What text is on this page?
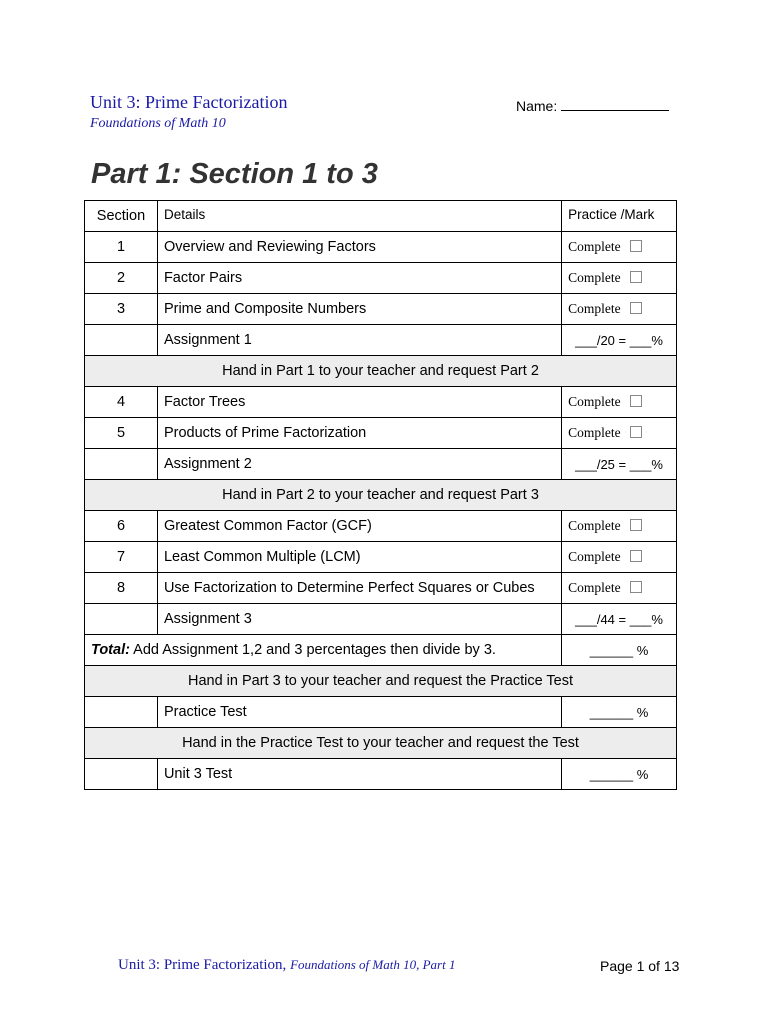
Unit 3: Prime Factorization
Foundations of Math 10
Name:
Part 1: Section 1 to 3
Section	Details	Practice /Mark
1	Overview and Reviewing Factors	Complete
2	Factor Pairs	Complete
3	Prime and Composite Numbers	Complete
	Assignment 1	___/20 = ___%
Hand in Part 1 to your teacher and request Part 2		
4	Factor Trees	Complete
5	Products of Prime Factorization	Complete
	Assignment 2	___/25 = ___%
Hand in Part 2 to your teacher and request Part 3		
6	Greatest Common Factor (GCF)	Complete
7	Least Common Multiple (LCM)	Complete
8	Use Factorization to Determine Perfect Squares or Cubes	Complete
	Assignment 3	___/44 = ___%
Total: Add Assignment 1,2 and 3 percentages then divide by 3.		______ %
Hand in Part 3 to your teacher and request the Practice Test		
	Practice Test	______ %
Hand in the Practice Test to your teacher and request the Test		
	Unit 3 Test	______ %
Unit 3: Prime Factorization, Foundations of Math 10, Part 1	Page 1 of 13
